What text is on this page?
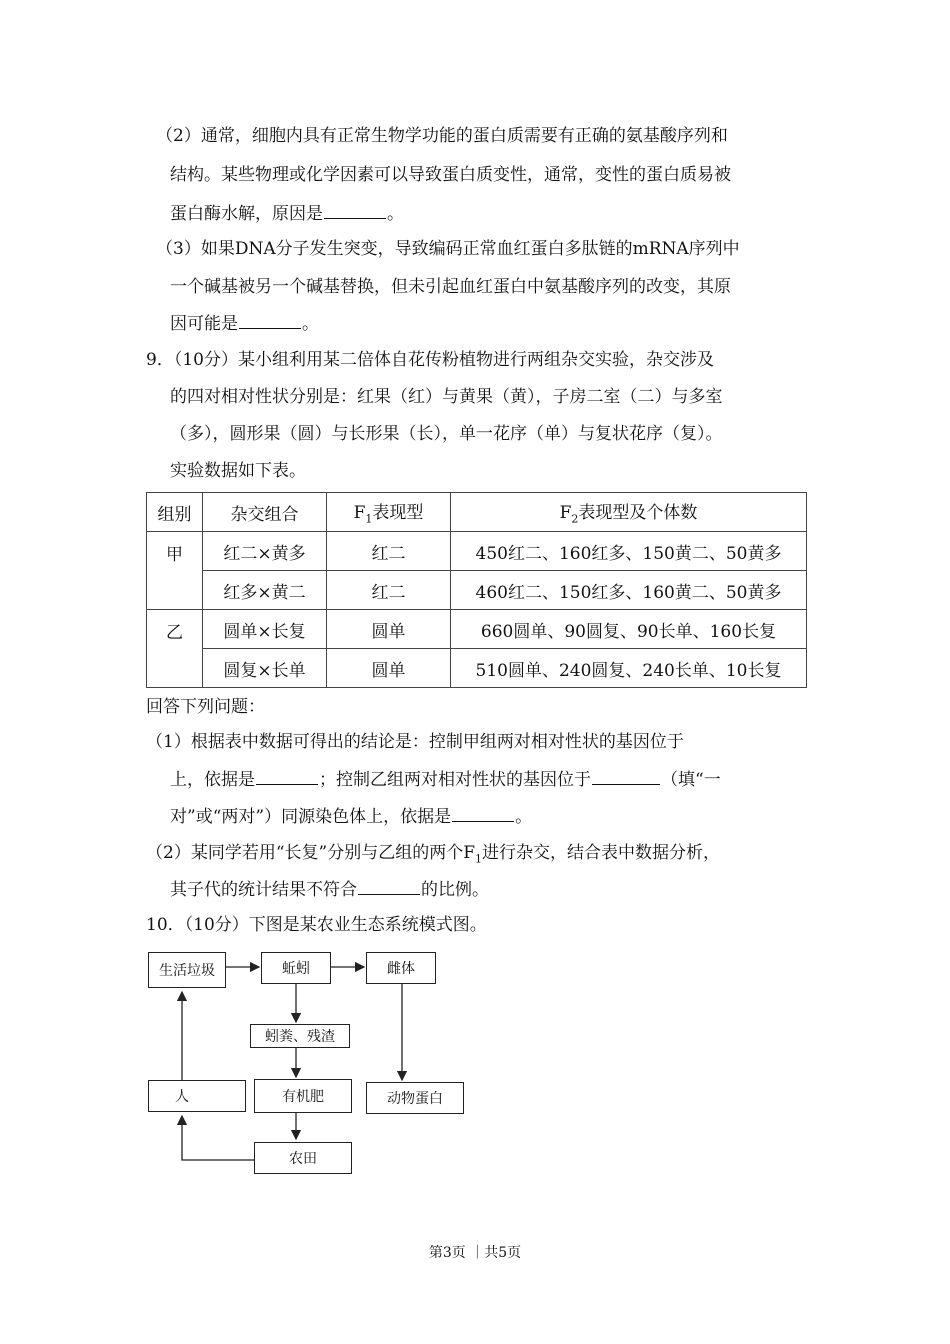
（2）通常，细胞内具有正常生物学功能的蛋白质需要有正确的氨基酸序列和
结构。某些物理或化学因素可以导致蛋白质变性，通常，变性的蛋白质易被
蛋白酶水解，原因是	。
（3）如果DNA分子发生突变，导致编码正常血红蛋白多肽链的mRNA序列中
一个碱基被另一个碱基替换，但未引起血红蛋白中氨基酸序列的改变，其原
因可能是	。
9．（10分）某小组利用某二倍体自花传粉植物进行两组杂交实验，杂交涉及
的四对相对性状分别是：红果（红）与黄果（黄），子房二室（二）与多室
（多），圆形果（圆）与长形果（长），单一花序（单）与复状花序（复）。
实验数据如下表。
组别	杂交组合	$F_1$表现型	$F_2$表现型及个体数
甲	红二×黄多	红二	450红二、160红多、150黄二、50黄多
	红多×黄二	红二	460红二、150红多、160黄二、50黄多
乙	圆单×长复	圆单	660圆单、90圆复、90长单、160长复
	圆复×长单	圆单	510圆单、240圆复、240长单、10长复
回答下列问题：
（1）根据表中数据可得出的结论是：控制甲组两对相对性状的基因位于
上，依据是	；控制乙组两对相对性状的基因位于	（填“一
对”或“两对”）同源染色体上，依据是	。
（2）某同学若用“长复”分别与乙组的两个$F_1$进行杂交，结合表中数据分析，
其子代的统计结果不符合	的比例。
10．（10分）下图是某农业生态系统模式图。
生活垃圾	蚯蚓	雌体
蚓粪、残渣
人	有机肥	动物蛋白
农田
第3页 ｜共5页
